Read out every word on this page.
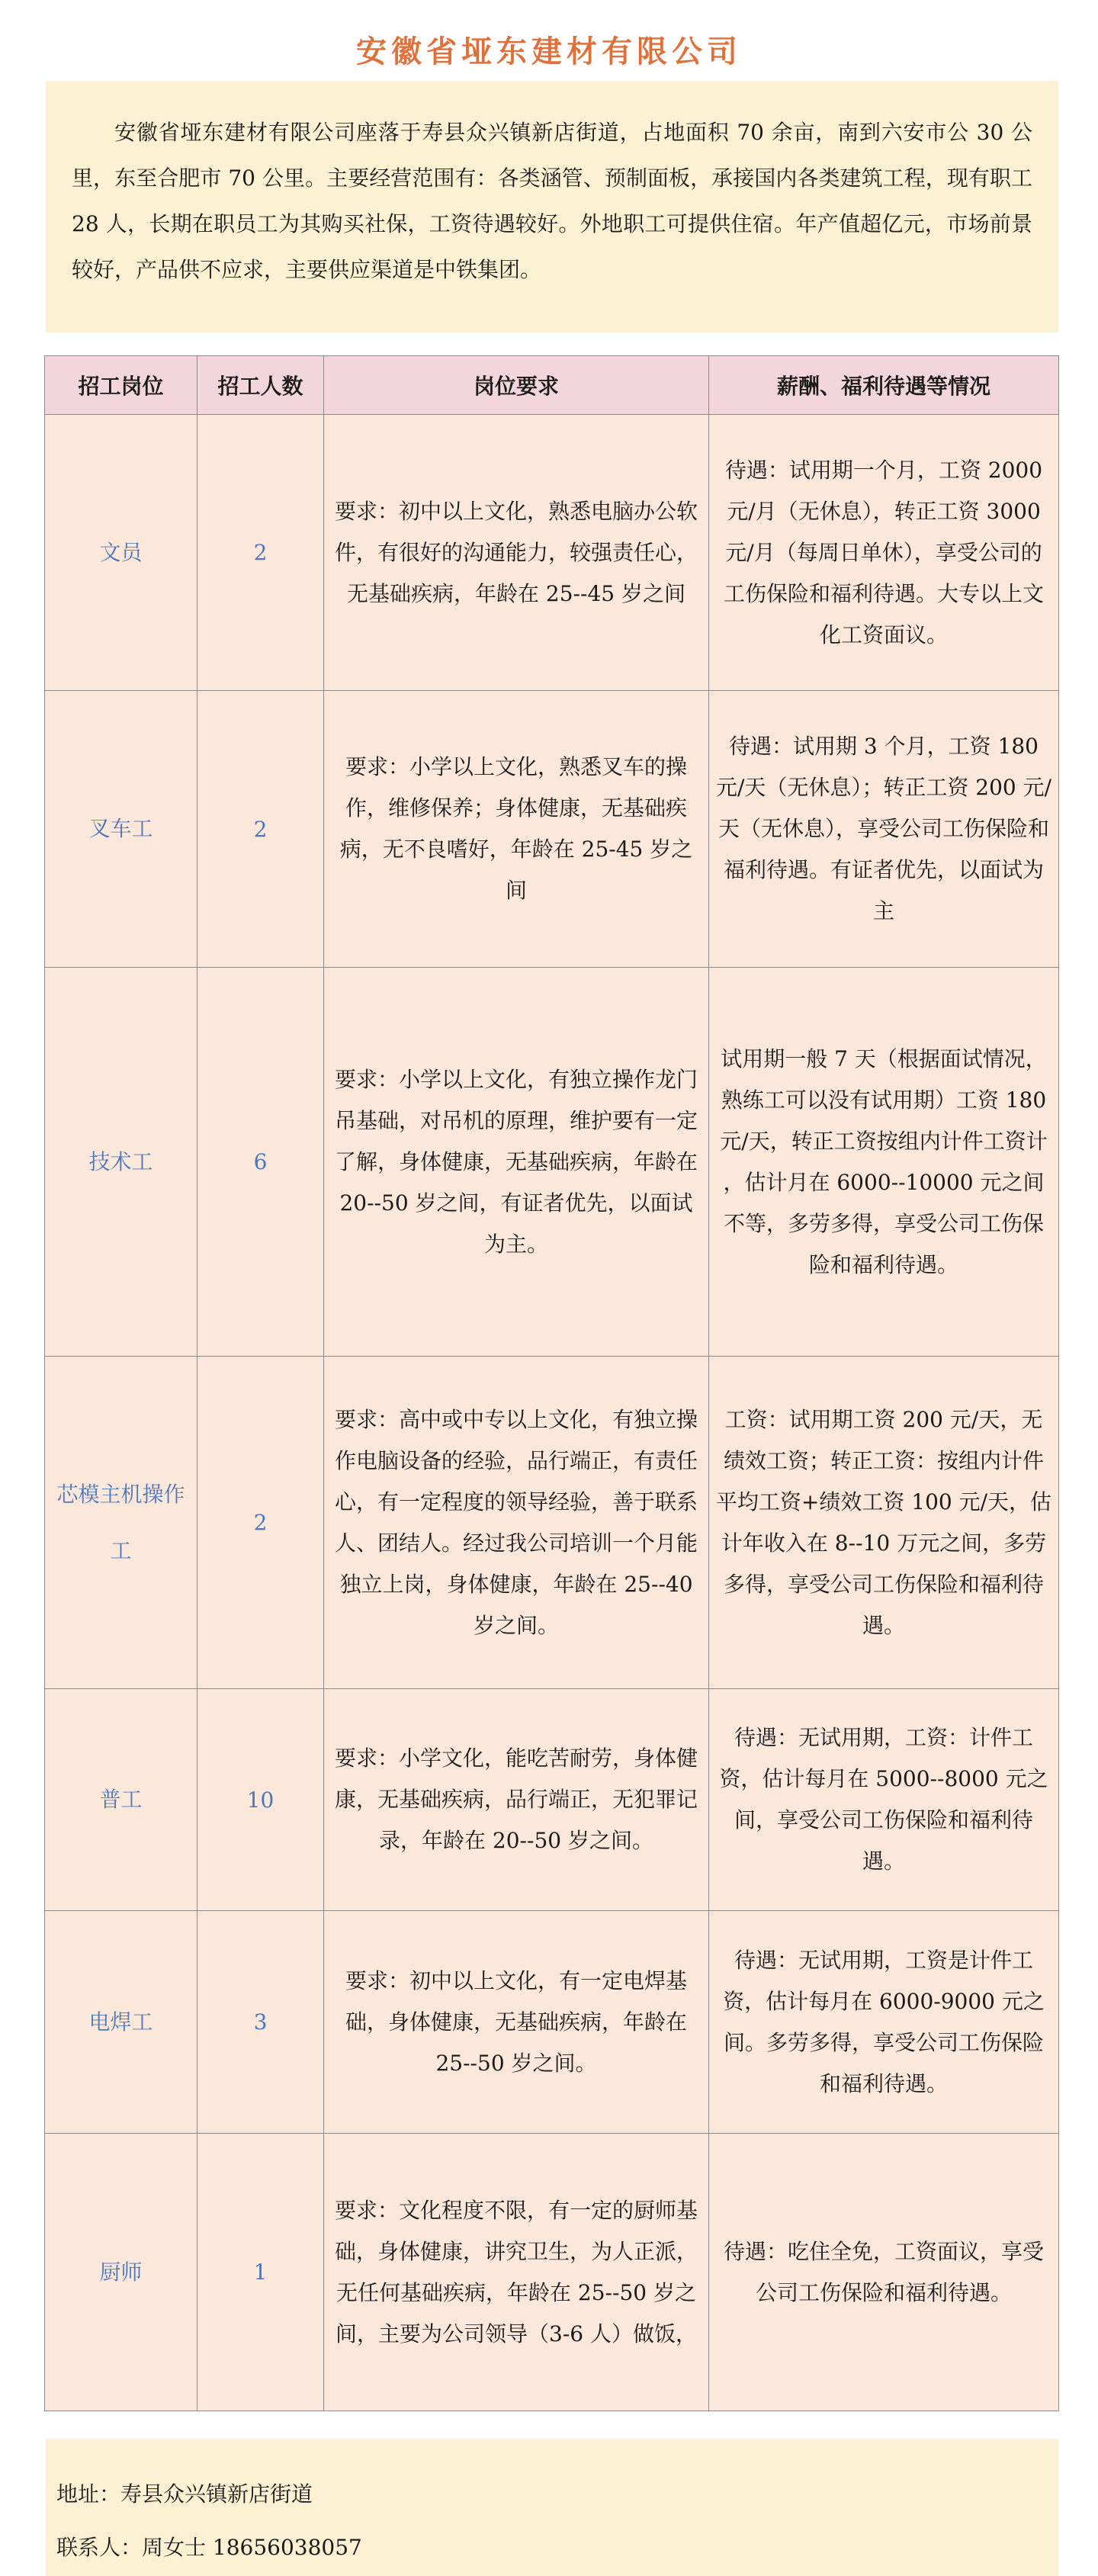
安徽省垭东建材有限公司
安徽省垭东建材有限公司座落于寿县众兴镇新店街道，占地面积 70 余亩，南到六安市公 30 公里，东至合肥市 70 公里。主要经营范围有：各类涵管、预制面板，承接国内各类建筑工程，现有职工 28 人，长期在职员工为其购买社保，工资待遇较好。外地职工可提供住宿。年产值超亿元，市场前景较好，产品供不应求，主要供应渠道是中铁集团。
招工岗位	招工人数	岗位要求	薪酬、福利待遇等情况
文员	2	要求：初中以上文化，熟悉电脑办公软件，有很好的沟通能力，较强责任心，无基础疾病，年龄在 25--45 岁之间	待遇：试用期一个月，工资 2000 元/月（无休息），转正工资 3000 元/月（每周日单休），享受公司的工伤保险和福利待遇。大专以上文化工资面议。
叉车工	2	要求：小学以上文化，熟悉叉车的操作，维修保养；身体健康，无基础疾病，无不良嗜好，年龄在 25-45 岁之间	待遇：试用期 3 个月，工资 180 元/天（无休息）；转正工资 200 元/天（无休息），享受公司工伤保险和福利待遇。有证者优先，以面试为主
技术工	6	要求：小学以上文化，有独立操作龙门吊基础，对吊机的原理，维护要有一定了解，身体健康，无基础疾病，年龄在 20--50 岁之间，有证者优先，以面试为主。	试用期一般 7 天（根据面试情况，熟练工可以没有试用期）工资 180 元/天，转正工资按组内计件工资计 ，估计月在 6000--10000 元之间不等，多劳多得，享受公司工伤保险和福利待遇。
芯模主机操作工	2	要求：高中或中专以上文化，有独立操作电脑设备的经验，品行端正，有责任心，有一定程度的领导经验，善于联系人、团结人。经过我公司培训一个月能独立上岗，身体健康，年龄在 25--40 岁之间。	工资：试用期工资 200 元/天，无绩效工资；转正工资：按组内计件平均工资+绩效工资 100 元/天，估计年收入在 8--10 万元之间，多劳多得，享受公司工伤保险和福利待遇。
普工	10	要求：小学文化，能吃苦耐劳，身体健康，无基础疾病，品行端正，无犯罪记录，年龄在 20--50 岁之间。	待遇：无试用期，工资：计件工资，估计每月在 5000--8000 元之间，享受公司工伤保险和福利待遇。
电焊工	3	要求：初中以上文化，有一定电焊基础，身体健康，无基础疾病，年龄在 25--50 岁之间。	待遇：无试用期，工资是计件工资，估计每月在 6000-9000 元之间。多劳多得，享受公司工伤保险和福利待遇。
厨师	1	要求：文化程度不限，有一定的厨师基础，身体健康，讲究卫生，为人正派，无任何基础疾病，年龄在 25--50 岁之间，主要为公司领导（3-6 人）做饭，	待遇：吃住全免，工资面议，享受公司工伤保险和福利待遇。
地址：寿县众兴镇新店街道
联系人：周女士 18656038057
